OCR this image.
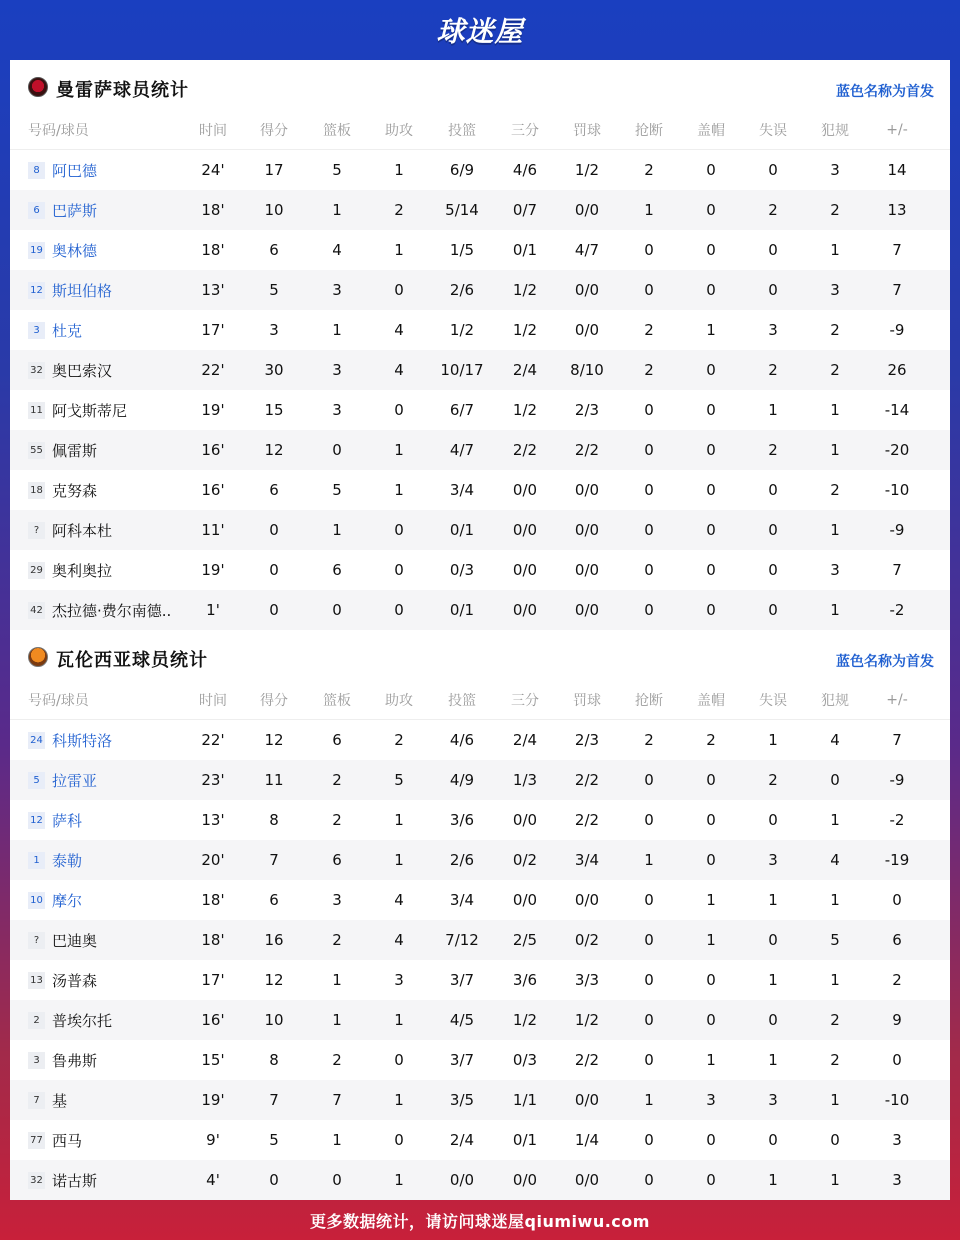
球迷屋
曼雷萨球员统计	蓝色名称为首发
号码/球员	时间	得分	篮板	助攻	投篮	三分	罚球	抢断	盖帽	失误	犯规	+/-
8 阿巴德	24'	17	5	1	6/9	4/6	1/2	2	0	0	3	14
6 巴萨斯	18'	10	1	2	5/14	0/7	0/0	1	0	2	2	13
19 奥林德	18'	6	4	1	1/5	0/1	4/7	0	0	0	1	7
12 斯坦伯格	13'	5	3	0	2/6	1/2	0/0	0	0	0	3	7
3 杜克	17'	3	1	4	1/2	1/2	0/0	2	1	3	2	-9
32 奥巴索汉	22'	30	3	4	10/17	2/4	8/10	2	0	2	2	26
11 阿戈斯蒂尼	19'	15	3	0	6/7	1/2	2/3	0	0	1	1	-14
55 佩雷斯	16'	12	0	1	4/7	2/2	2/2	0	0	2	1	-20
18 克努森	16'	6	5	1	3/4	0/0	0/0	0	0	0	2	-10
? 阿科本杜	11'	0	1	0	0/1	0/0	0/0	0	0	0	1	-9
29 奥利奥拉	19'	0	6	0	0/3	0/0	0/0	0	0	0	3	7
42 杰拉德·费尔南德..	1'	0	0	0	0/1	0/0	0/0	0	0	0	1	-2
瓦伦西亚球员统计	蓝色名称为首发
号码/球员	时间	得分	篮板	助攻	投篮	三分	罚球	抢断	盖帽	失误	犯规	+/-
24 科斯特洛	22'	12	6	2	4/6	2/4	2/3	2	2	1	4	7
5 拉雷亚	23'	11	2	5	4/9	1/3	2/2	0	0	2	0	-9
12 萨科	13'	8	2	1	3/6	0/0	2/2	0	0	0	1	-2
1 泰勒	20'	7	6	1	2/6	0/2	3/4	1	0	3	4	-19
10 摩尔	18'	6	3	4	3/4	0/0	0/0	0	1	1	1	0
? 巴迪奥	18'	16	2	4	7/12	2/5	0/2	0	1	0	5	6
13 汤普森	17'	12	1	3	3/7	3/6	3/3	0	0	1	1	2
2 普埃尔托	16'	10	1	1	4/5	1/2	1/2	0	0	0	2	9
3 鲁弗斯	15'	8	2	0	3/7	0/3	2/2	0	1	1	2	0
7 基	19'	7	7	1	3/5	1/1	0/0	1	3	3	1	-10
77 西马	9'	5	1	0	2/4	0/1	1/4	0	0	0	0	3
32 诺古斯	4'	0	0	1	0/0	0/0	0/0	0	0	1	1	3
更多数据统计，请访问球迷屋qiumiwu.com
